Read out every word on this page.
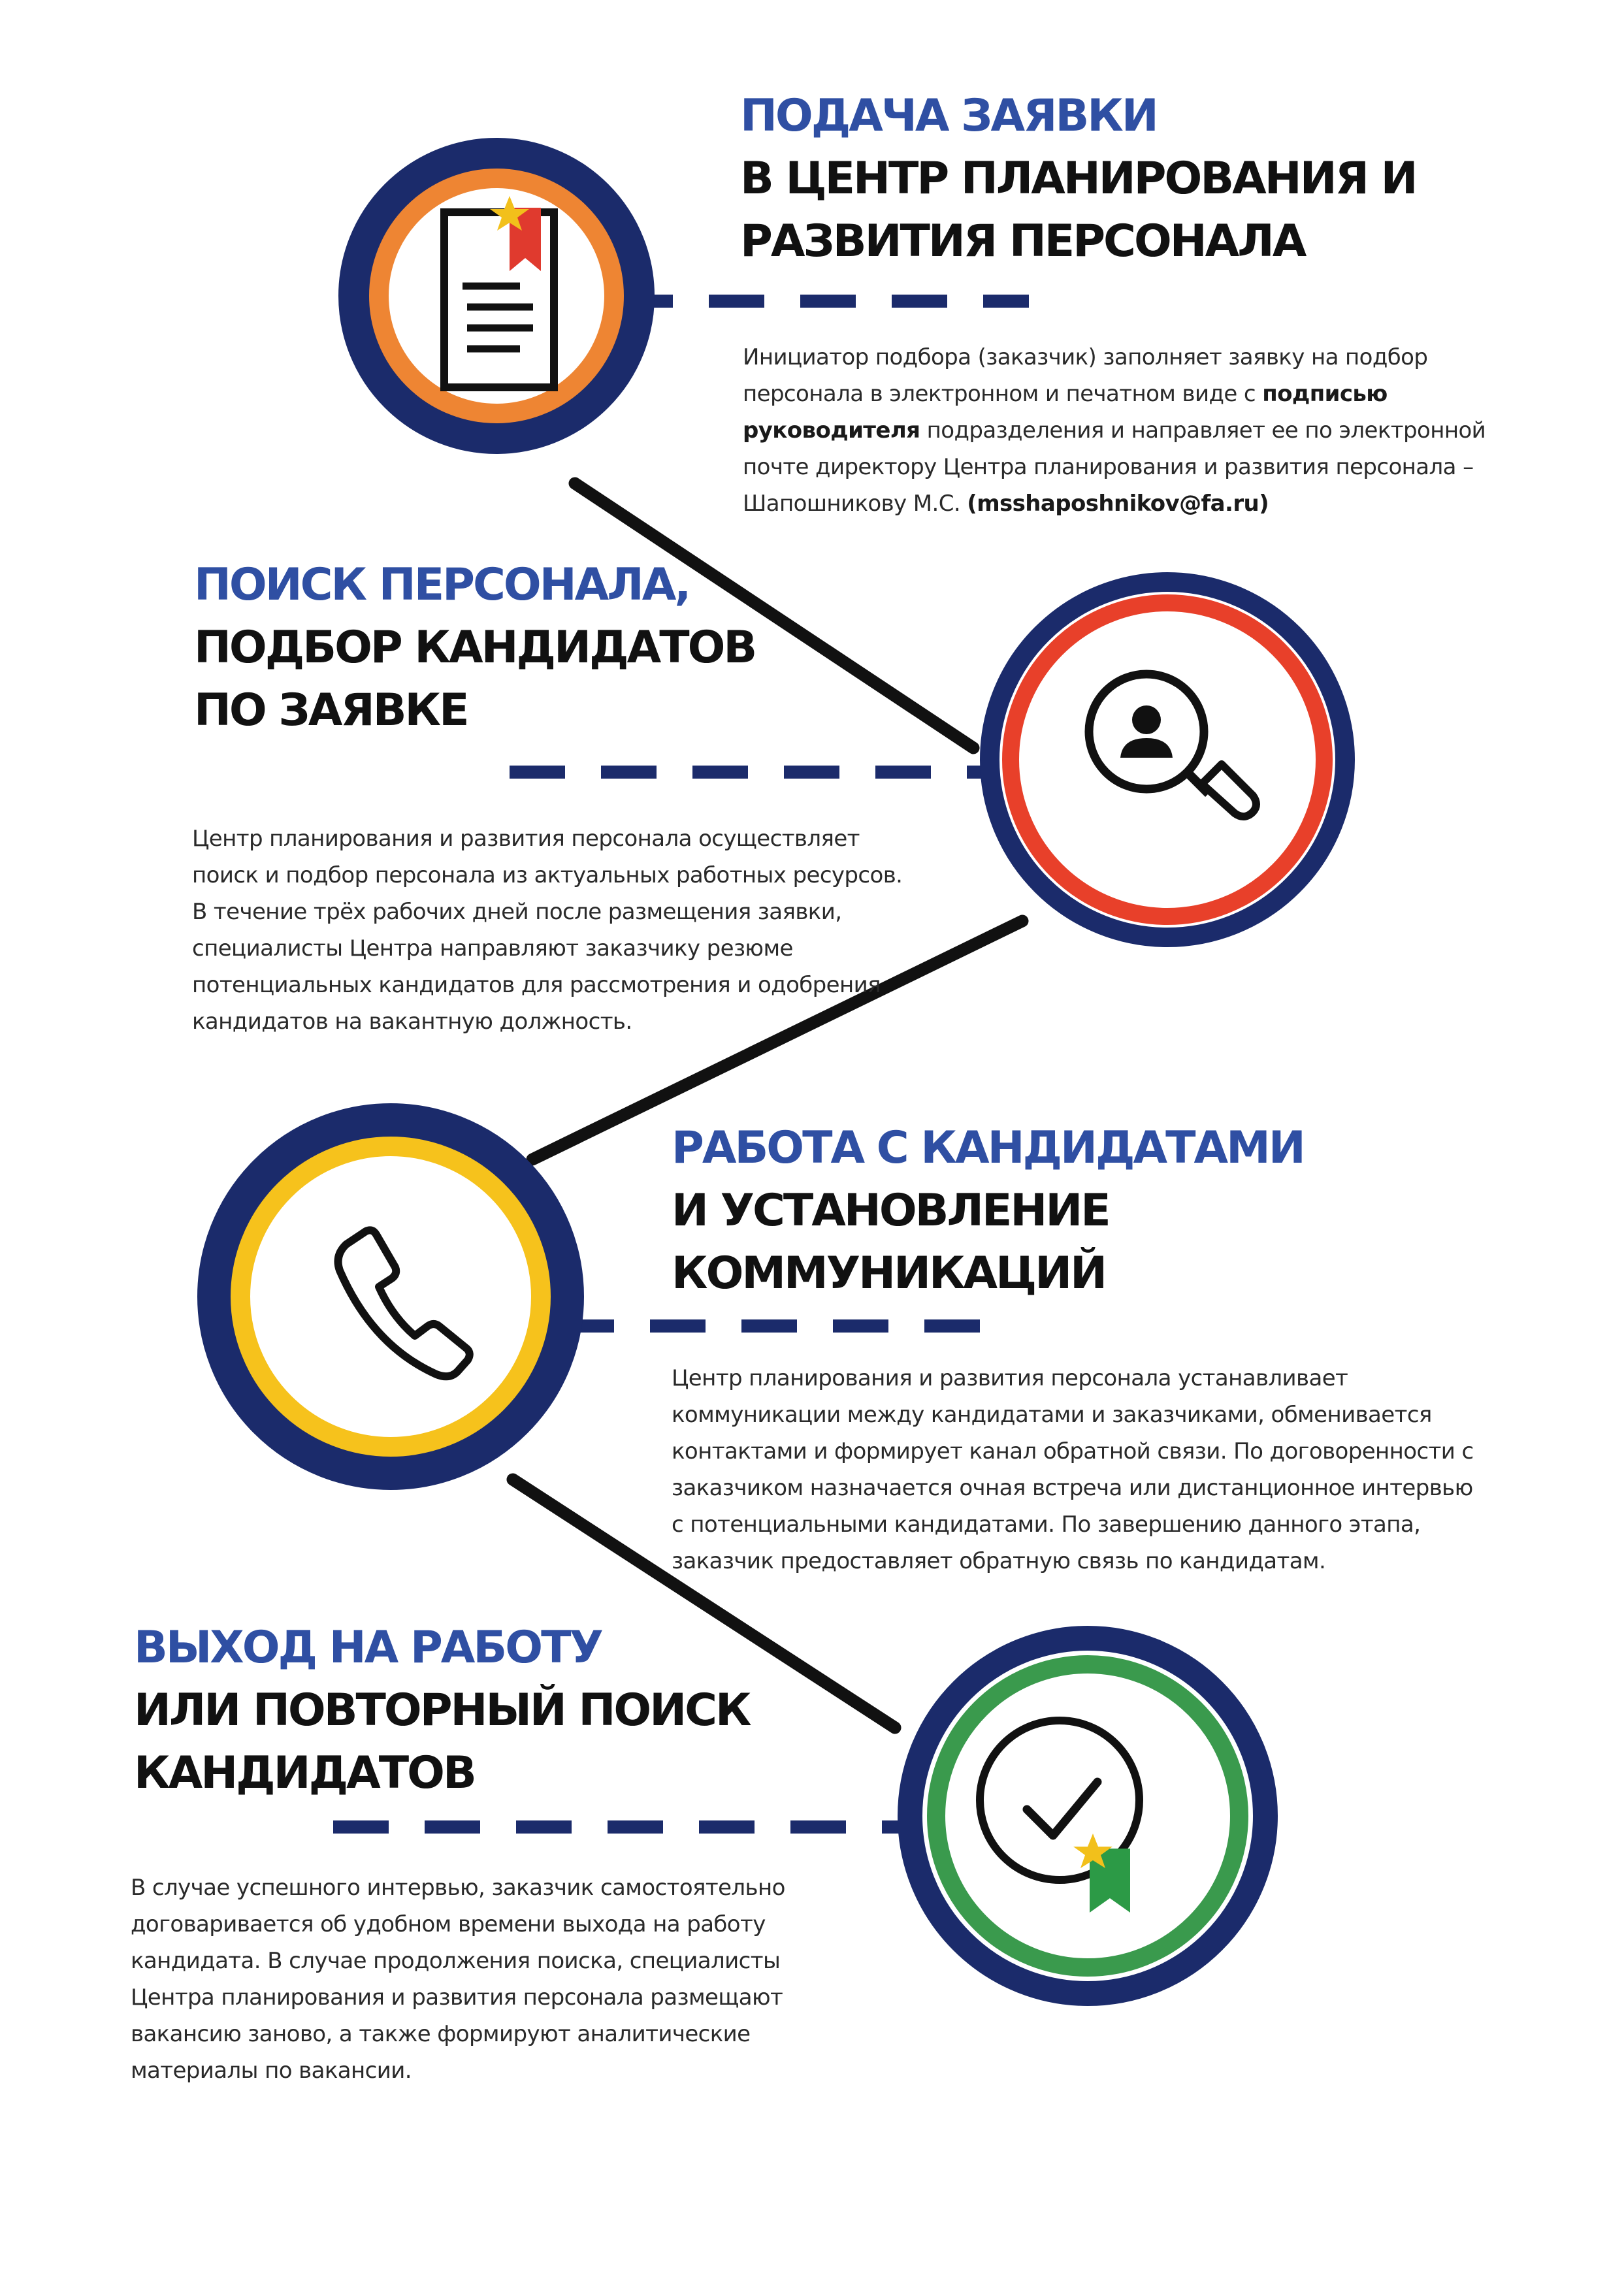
ПОДАЧА ЗАЯВКИ
В ЦЕНТР ПЛАНИРОВАНИЯ И
РАЗВИТИЯ ПЕРСОНАЛА

Инициатор подбора (заказчик) заполняет заявку на подбор персонала в электронном и печатном виде с подписью руководителя подразделения и направляет ее по электронной почте директору Центра планирования и развития персонала – Шапошникову М.С. (msshaposhnikov@fa.ru)

ПОИСК ПЕРСОНАЛА,
ПОДБОР КАНДИДАТОВ
ПО ЗАЯВКЕ

Центр планирования и развития персонала осуществляет поиск и подбор персонала из актуальных работных ресурсов. В течение трёх рабочих дней после размещения заявки, специалисты Центра направляют заказчику резюме потенциальных кандидатов для рассмотрения и одобрения кандидатов на вакантную должность.

РАБОТА С КАНДИДАТАМИ
И УСТАНОВЛЕНИЕ
КОММУНИКАЦИЙ

Центр планирования и развития персонала устанавливает коммуникации между кандидатами и заказчиками, обменивается контактами и формирует канал обратной связи. По договоренности с заказчиком назначается очная встреча или дистанционное интервью с потенциальными кандидатами. По завершению данного этапа, заказчик предоставляет обратную связь по кандидатам.

ВЫХОД НА РАБОТУ
ИЛИ ПОВТОРНЫЙ ПОИСК
КАНДИДАТОВ

В случае успешного интервью, заказчик самостоятельно договаривается об удобном времени выхода на работу кандидата. В случае продолжения поиска, специалисты Центра планирования и развития персонала размещают вакансию заново, а также формируют аналитические материалы по вакансии.
